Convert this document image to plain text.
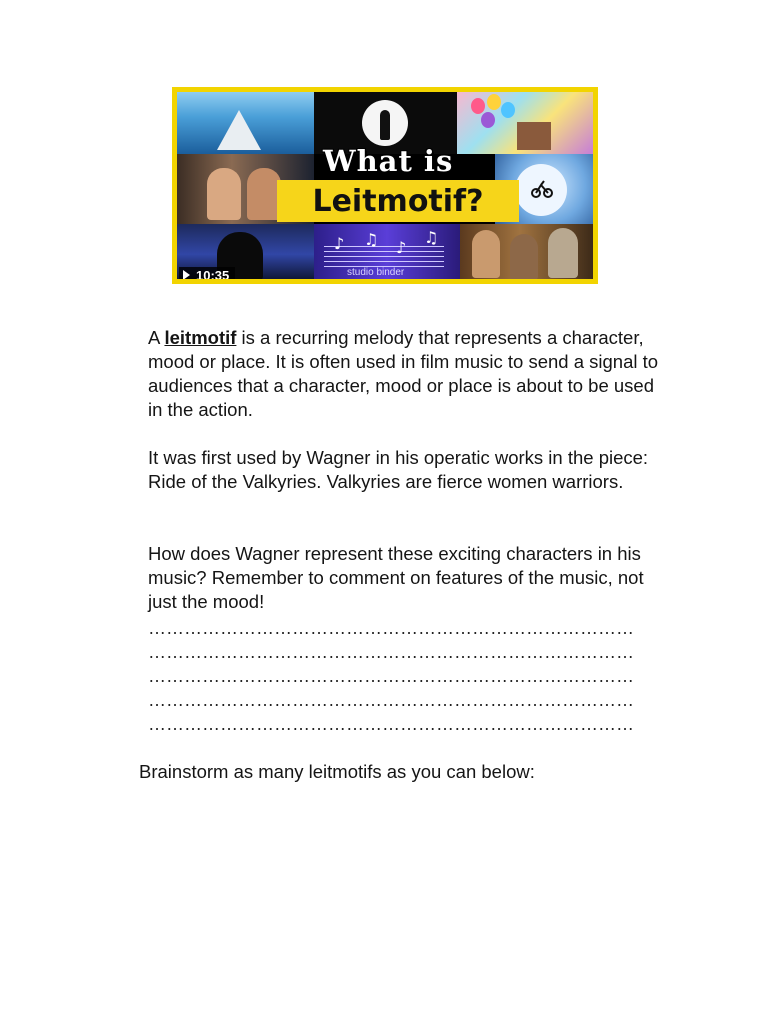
♪ ♫ ♪
♫
What is
Leitmotif?
studio binder
10:35

A leitmotif is a recurring melody that represents a character, mood or place. It is often used in film music to send a signal to audiences that a character, mood or place is about to be used in the action.

It was first used by Wagner in his operatic works in the piece: Ride of the Valkyries. Valkyries are fierce women warriors.

How does Wagner represent these exciting characters in his music? Remember to comment on features of the music, not just the mood!

………………………………………………………………………
………………………………………………………………………
………………………………………………………………………
………………………………………………………………………
………………………………………………………………………
Brainstorm as many leitmotifs as you can below:
